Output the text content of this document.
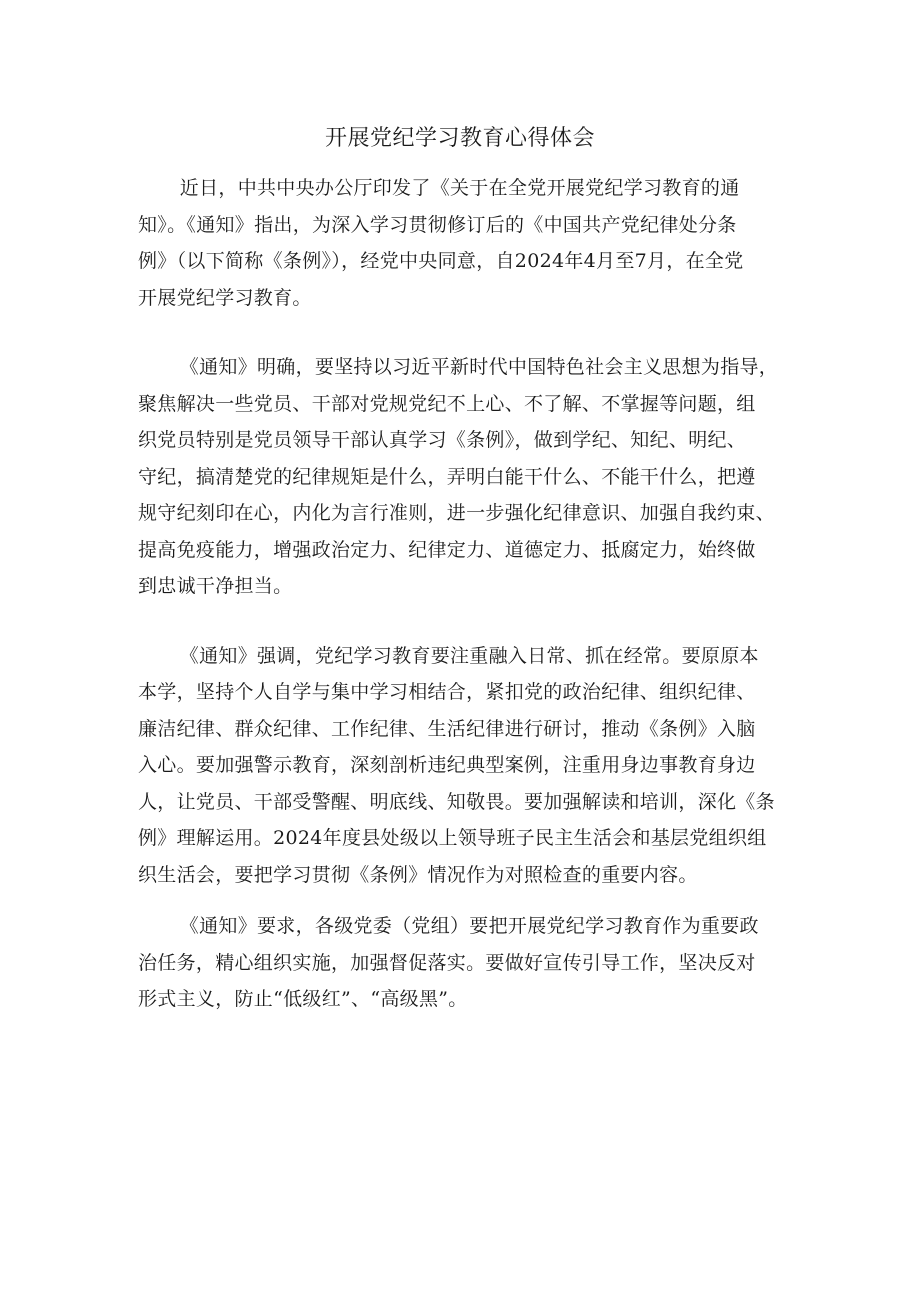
开展党纪学习教育心得体会
近日，中共中央办公厅印发了《关于在全党开展党纪学习教育的通
知》。《通知》指出，为深入学习贯彻修订后的《中国共产党纪律处分条
例》（以下简称《条例》），经党中央同意，自2024年4月至7月，在全党
开展党纪学习教育。
《通知》明确，要坚持以习近平新时代中国特色社会主义思想为指导，
聚焦解决一些党员、干部对党规党纪不上心、不了解、不掌握等问题，组
织党员特别是党员领导干部认真学习《条例》，做到学纪、知纪、明纪、
守纪，搞清楚党的纪律规矩是什么，弄明白能干什么、不能干什么，把遵
规守纪刻印在心，内化为言行准则，进一步强化纪律意识、加强自我约束、
提高免疫能力，增强政治定力、纪律定力、道德定力、抵腐定力，始终做
到忠诚干净担当。
《通知》强调，党纪学习教育要注重融入日常、抓在经常。要原原本
本学，坚持个人自学与集中学习相结合，紧扣党的政治纪律、组织纪律、
廉洁纪律、群众纪律、工作纪律、生活纪律进行研讨，推动《条例》入脑
入心。要加强警示教育，深刻剖析违纪典型案例，注重用身边事教育身边
人，让党员、干部受警醒、明底线、知敬畏。要加强解读和培训，深化《条
例》理解运用。2024年度县处级以上领导班子民主生活会和基层党组织组
织生活会，要把学习贯彻《条例》情况作为对照检查的重要内容。
《通知》要求，各级党委（党组）要把开展党纪学习教育作为重要政
治任务，精心组织实施，加强督促落实。要做好宣传引导工作，坚决反对
形式主义，防止“低级红”、“高级黑”。
